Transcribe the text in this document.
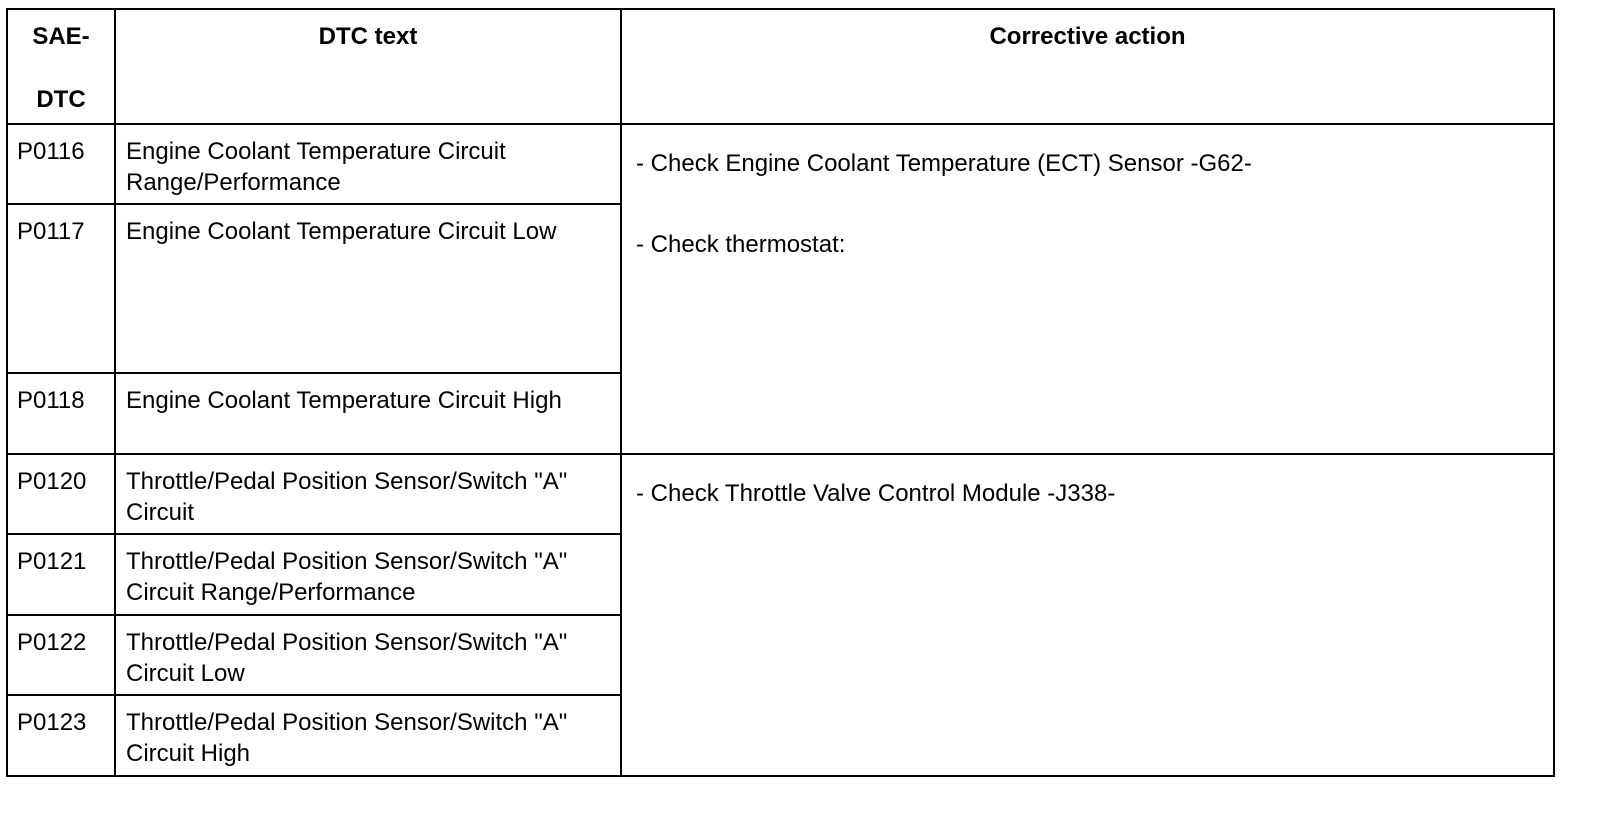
SAE-
DTC	DTC text	Corrective action
P0116	Engine Coolant Temperature Circuit Range/Performance	- Check Engine Coolant Temperature (ECT) Sensor -G62-
- Check thermostat:

P0117	Engine Coolant Temperature Circuit Low	
P0118	Engine Coolant Temperature Circuit High	
P0120	Throttle/Pedal Position Sensor/Switch "A" Circuit	- Check Throttle Valve Control Module -J338-

P0121	Throttle/Pedal Position Sensor/Switch "A" Circuit Range/Performance	
P0122	Throttle/Pedal Position Sensor/Switch "A" Circuit Low	
P0123	Throttle/Pedal Position Sensor/Switch "A" Circuit High	
